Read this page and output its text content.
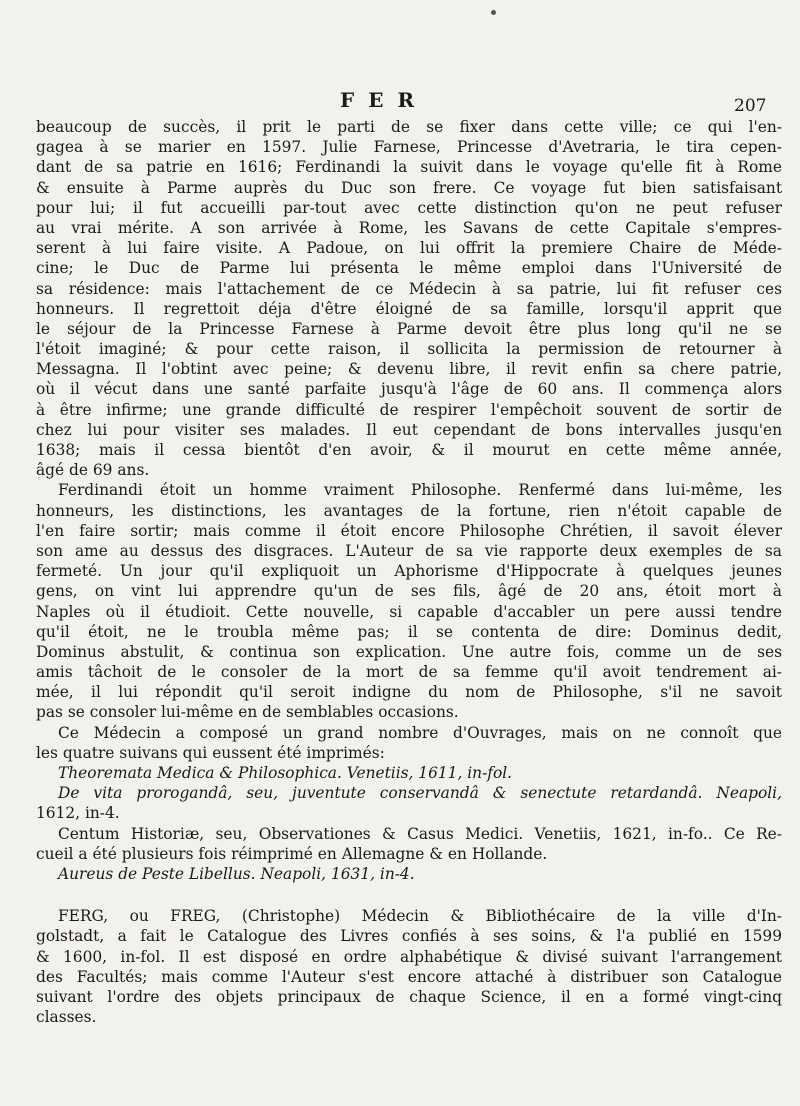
FER	207
beaucoup de succès, il prit le parti de se fixer dans cette ville; ce qui l'en-
gagea à se marier en 1597. Julie Farnese, Princesse d'Avetraria, le tira cepen-
dant de sa patrie en 1616; Ferdinandi la suivit dans le voyage qu'elle fit à Rome
& ensuite à Parme auprès du Duc son frere. Ce voyage fut bien satisfaisant
pour lui; il fut accueilli par-tout avec cette distinction qu'on ne peut refuser
au vrai mérite. A son arrivée à Rome, les Savans de cette Capitale s'empres-
serent à lui faire visite. A Padoue, on lui offrit la premiere Chaire de Méde-
cine; le Duc de Parme lui présenta le même emploi dans l'Université de
sa résidence: mais l'attachement de ce Médecin à sa patrie, lui fit refuser ces
honneurs. Il regrettoit déja d'être éloigné de sa famille, lorsqu'il apprit que
le séjour de la Princesse Farnese à Parme devoit être plus long qu'il ne se
l'étoit imaginé; & pour cette raison, il sollicita la permission de retourner à
Messagna. Il l'obtint avec peine; & devenu libre, il revit enfin sa chere patrie,
où il vécut dans une santé parfaite jusqu'à l'âge de 60 ans. Il commença alors
à être infirme; une grande difficulté de respirer l'empêchoit souvent de sortir de
chez lui pour visiter ses malades. Il eut cependant de bons intervalles jusqu'en
1638; mais il cessa bientôt d'en avoir, & il mourut en cette même année,
âgé de 69 ans.
Ferdinandi étoit un homme vraiment Philosophe. Renfermé dans lui-même, les
honneurs, les distinctions, les avantages de la fortune, rien n'étoit capable de
l'en faire sortir; mais comme il étoit encore Philosophe Chrétien, il savoit élever
son ame au dessus des disgraces. L'Auteur de sa vie rapporte deux exemples de sa
fermeté. Un jour qu'il expliquoit un Aphorisme d'Hippocrate à quelques jeunes
gens, on vint lui apprendre qu'un de ses fils, âgé de 20 ans, étoit mort à
Naples où il étudioit. Cette nouvelle, si capable d'accabler un pere aussi tendre
qu'il étoit, ne le troubla même pas; il se contenta de dire: Dominus dedit,
Dominus abstulit, & continua son explication. Une autre fois, comme un de ses
amis tâchoit de le consoler de la mort de sa femme qu'il avoit tendrement ai-
mée, il lui répondit qu'il seroit indigne du nom de Philosophe, s'il ne savoit
pas se consoler lui-même en de semblables occasions.
Ce Médecin a composé un grand nombre d'Ouvrages, mais on ne connoît que
les quatre suivans qui eussent été imprimés:
Theoremata Medica & Philosophica. Venetiis, 1611, in-fol.
De vita prorogandâ, seu, juventute conservandâ & senectute retardandâ. Neapoli,
1612, in-4.
Centum Historiæ, seu, Observationes & Casus Medici. Venetiis, 1621, in-fo.. Ce Re-
cueil a été plusieurs fois réimprimé en Allemagne & en Hollande.
Aureus de Peste Libellus. Neapoli, 1631, in-4.
FERG, ou FREG, (Christophe) Médecin & Bibliothécaire de la ville d'In-
golstadt, a fait le Catalogue des Livres confiés à ses soins, & l'a publié en 1599
& 1600, in-fol. Il est disposé en ordre alphabétique & divisé suivant l'arrangement
des Facultés; mais comme l'Auteur s'est encore attaché à distribuer son Catalogue
suivant l'ordre des objets principaux de chaque Science, il en a formé vingt-cinq
classes.
